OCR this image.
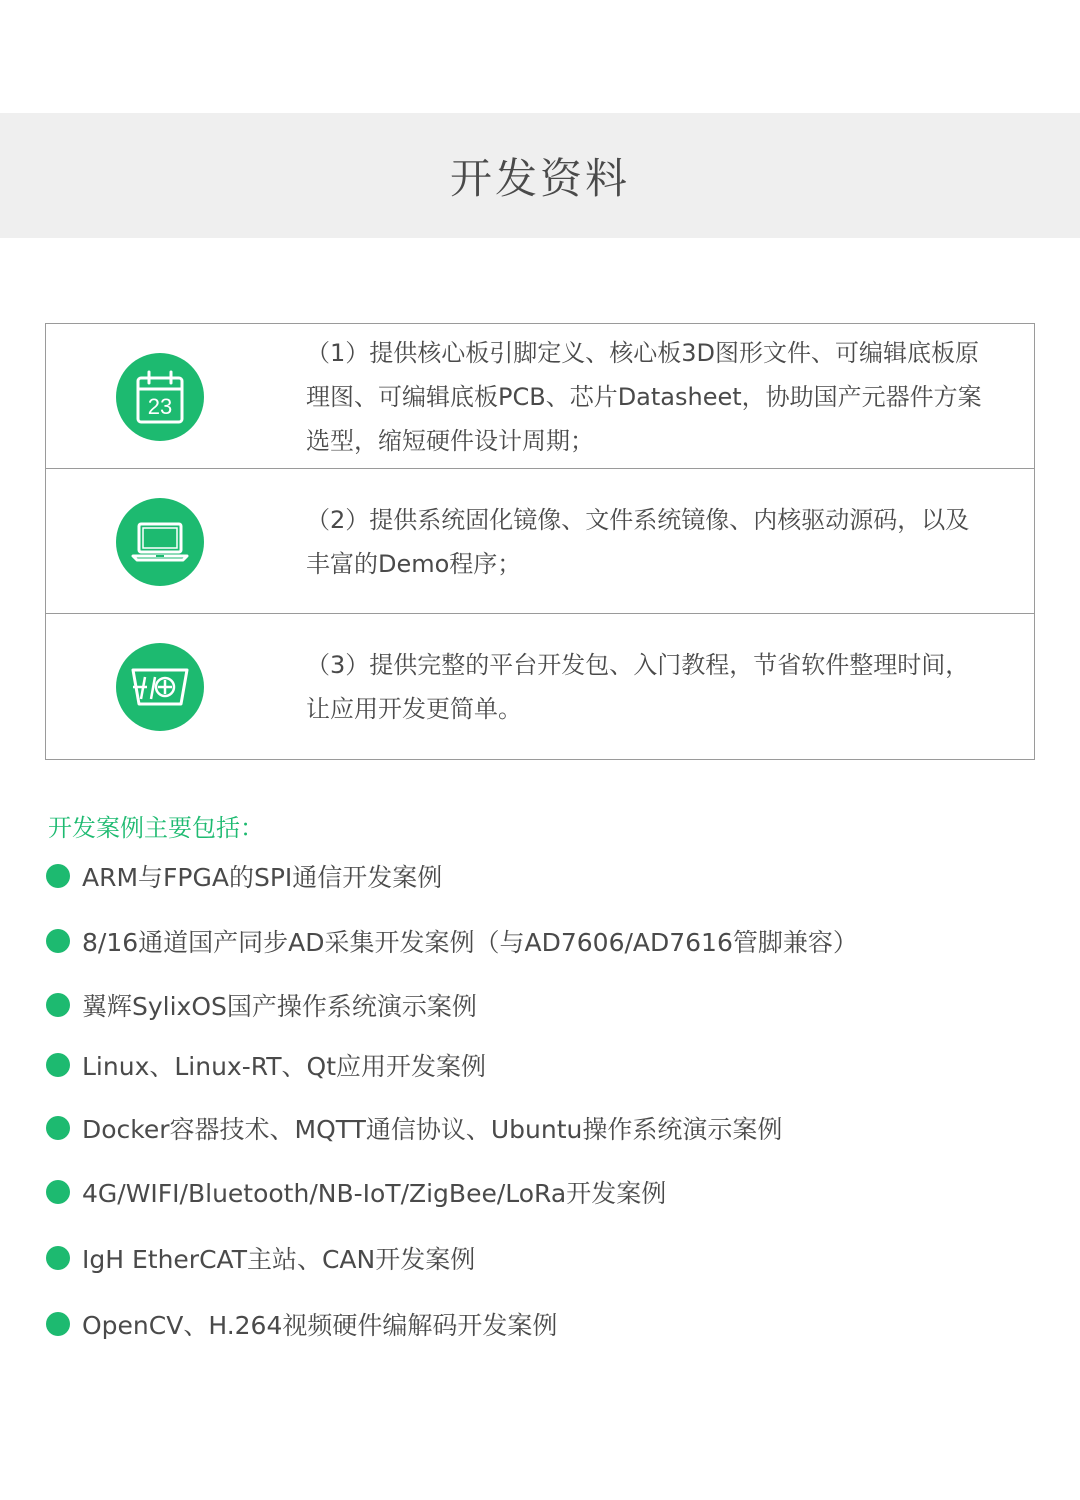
开发资料
23
（1）提供核心板引脚定义、核心板3D图形文件、可编辑底板原理图、可编辑底板PCB、芯片Datasheet，协助国产元器件方案选型，缩短硬件设计周期；
（2）提供系统固化镜像、文件系统镜像、内核驱动源码，以及丰富的Demo程序；
（3）提供完整的平台开发包、入门教程，节省软件整理时间，让应用开发更简单。
开发案例主要包括：
ARM与FPGA的SPI通信开发案例
8/16通道国产同步AD采集开发案例（与AD7606/AD7616管脚兼容）
翼辉SylixOS国产操作系统演示案例
Linux、Linux-RT、Qt应用开发案例
Docker容器技术、MQTT通信协议、Ubuntu操作系统演示案例
4G/WIFI/Bluetooth/NB-IoT/ZigBee/LoRa开发案例
IgH EtherCAT主站、CAN开发案例
OpenCV、H.264视频硬件编解码开发案例
